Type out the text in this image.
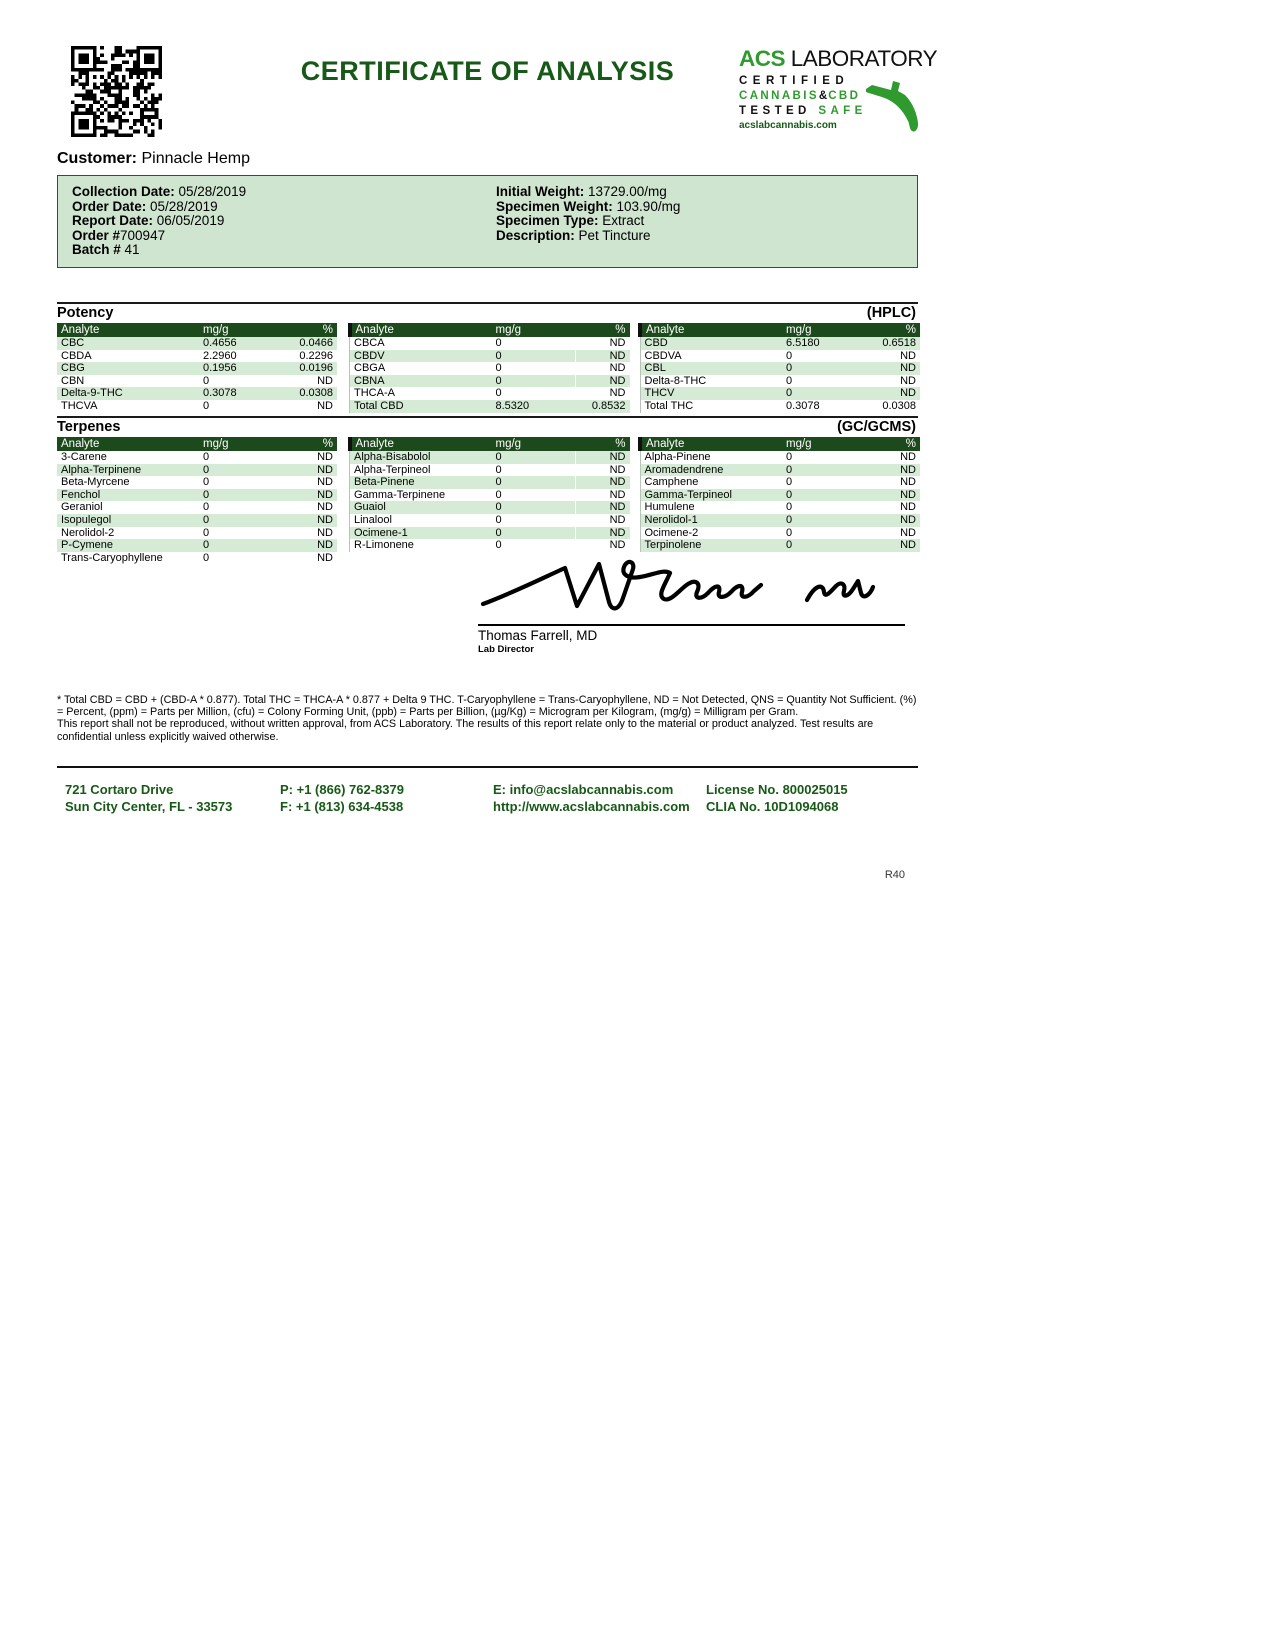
CERTIFICATE OF ANALYSIS	ACS LABORATORY
CERTIFIED
CANNABIS&CBD
TESTED SAFE
acslabcannabis.com
Customer: Pinnacle Hemp
Collection Date: 05/28/2019
Order Date: 05/28/2019
Report Date: 06/05/2019
Order #700947
Batch # 41
Initial Weight: 13729.00/mg
Specimen Weight: 103.90/mg
Specimen Type: Extract
Description: Pet Tincture
Potency	(HPLC)
Analyte	mg/g	%
CBC	0.4656	0.0466
CBDA	2.2960	0.2296
CBG	0.1956	0.0196
CBN	0	ND
Delta-9-THC	0.3078	0.0308
THCVA	0	ND
Analyte	mg/g	%
CBCA	0	ND
CBDV	0	ND
CBGA	0	ND
CBNA	0	ND
THCA-A	0	ND
Total CBD	8.5320	0.8532
Analyte	mg/g	%
CBD	6.5180	0.6518
CBDVA	0	ND
CBL	0	ND
Delta-8-THC	0	ND
THCV	0	ND
Total THC	0.3078	0.0308
Terpenes	(GC/GCMS)
Analyte	mg/g	%
3-Carene	0	ND
Alpha-Terpinene	0	ND
Beta-Myrcene	0	ND
Fenchol	0	ND
Geraniol	0	ND
Isopulegol	0	ND
Nerolidol-2	0	ND
P-Cymene	0	ND
Trans-Caryophyllene	0	ND
Analyte	mg/g	%
Alpha-Bisabolol	0	ND
Alpha-Terpineol	0	ND
Beta-Pinene	0	ND
Gamma-Terpinene	0	ND
Guaiol	0	ND
Linalool	0	ND
Ocimene-1	0	ND
R-Limonene	0	ND
Analyte	mg/g	%
Alpha-Pinene	0	ND
Aromadendrene	0	ND
Camphene	0	ND
Gamma-Terpineol	0	ND
Humulene	0	ND
Nerolidol-1	0	ND
Ocimene-2	0	ND
Terpinolene	0	ND
Thomas Farrell, MD
Lab Director

* Total CBD = CBD + (CBD-A * 0.877). Total THC = THCA-A * 0.877 + Delta 9 THC. T-Caryophyllene = Trans-Caryophyllene, ND = Not Detected, QNS = Quantity Not Sufficient. (%) = Percent, (ppm) = Parts per Million, (cfu) = Colony Forming Unit, (ppb) = Parts per Billion, (µg/Kg) = Microgram per Kilogram, (mg/g) = Milligram per Gram.

This report shall not be reproduced, without written approval, from ACS Laboratory. The results of this report relate only to the material or product analyzed. Test results are confidential unless explicitly waived otherwise.

721 Cortaro Drive
Sun City Center, FL - 33573
P: +1 (866) 762-8379
F: +1 (813) 634-4538
E: info@acslabcannabis.com
http://www.acslabcannabis.com
License No. 800025015
CLIA No. 10D1094068
R40
